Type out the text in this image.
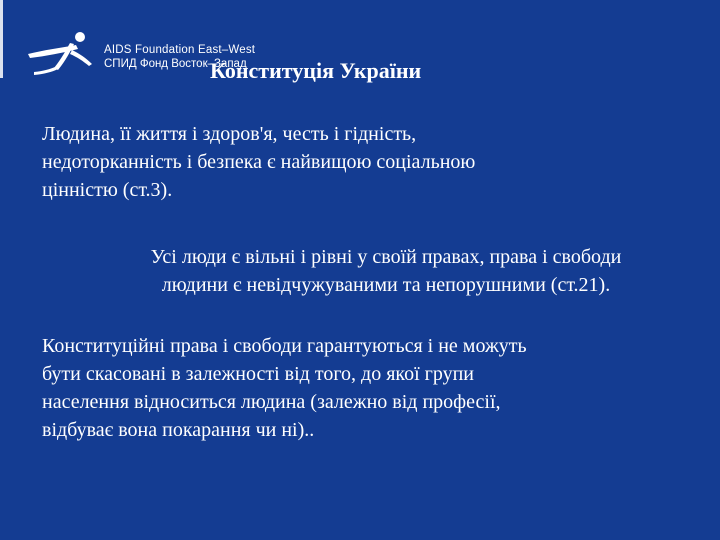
AIDS Foundation East–West
СПИД Фонд Восток–Запад
Конституція України
Людина, її життя і здоров'я, честь і гідність,
недоторканність і безпека є найвищою соціальною
цінністю (ст.3).
Усі люди є вільні і рівні у своїй правах, права і свободи
людини є невідчужуваними та непорушними (ст.21).
Конституційні права і свободи гарантуються і не можуть
бути скасовані в залежності від того, до якої групи
населення відноситься людина (залежно від професії,
відбуває вона покарання чи ні)..
